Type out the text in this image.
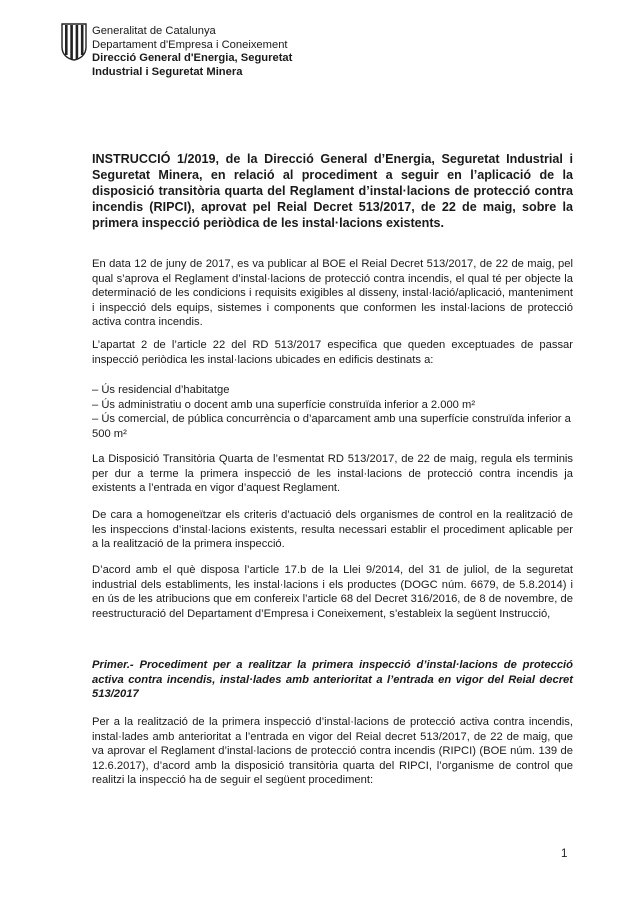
Generalitat de Catalunya
Departament d'Empresa i Coneixement
Direcció General d'Energia, Seguretat
Industrial i Seguretat Minera

INSTRUCCIÓ 1/2019, de la Direcció General d’Energia, Seguretat Industrial i Seguretat Minera, en relació al procediment a seguir en l’aplicació de la disposició transitòria quarta del Reglament d’instal·lacions de protecció contra incendis (RIPCI), aprovat pel Reial Decret 513/2017, de 22 de maig, sobre la primera inspecció periòdica de les instal·lacions existents.

En data 12 de juny de 2017, es va publicar al BOE el Reial Decret 513/2017, de 22 de maig, pel qual s’aprova el Reglament d’instal·lacions de protecció contra incendis, el qual té per objecte la determinació de les condicions i requisits exigibles al disseny, instal·lació/aplicació, manteniment i inspecció dels equips, sistemes i components que conformen les instal·lacions de protecció activa contra incendis.

L’apartat 2 de l’article 22 del RD 513/2017 especifica que queden exceptuades de passar inspecció periòdica les instal·lacions ubicades en edificis destinats a:

– Ús residencial d’habitatge

– Ús administratiu o docent amb una superfície construïda inferior a 2.000 m²

– Ús comercial, de pública concurrència o d’aparcament amb una superfície construïda inferior a 500 m²

La Disposició Transitòria Quarta de l’esmentat RD 513/2017, de 22 de maig, regula els terminis per dur a terme la primera inspecció de les instal·lacions de protecció contra incendis ja existents a l’entrada en vigor d’aquest Reglament.

De cara a homogeneïtzar els criteris d’actuació dels organismes de control en la realització de les inspeccions d’instal·lacions existents, resulta necessari establir el procediment aplicable per a la realització de la primera inspecció.

D’acord amb el què disposa l’article 17.b de la Llei 9/2014, del 31 de juliol, de la seguretat industrial dels establiments, les instal·lacions i els productes (DOGC núm. 6679, de 5.8.2014) i en ús de les atribucions que em confereix l’article 68 del Decret 316/2016, de 8 de novembre, de reestructuració del Departament d’Empresa i Coneixement, s’estableix la següent Instrucció,

Primer.- Procediment per a realitzar la primera inspecció d’instal·lacions de protecció activa contra incendis, instal·lades amb anterioritat a l’entrada en vigor del Reial decret 513/2017

Per a la realització de la primera inspecció d’instal·lacions de protecció activa contra incendis, instal·lades amb anterioritat a l’entrada en vigor del Reial decret 513/2017, de 22 de maig, que va aprovar el Reglament d’instal·lacions de protecció contra incendis (RIPCI) (BOE núm. 139 de 12.6.2017), d’acord amb la disposició transitòria quarta del RIPCI, l’organisme de control que realitzi la inspecció ha de seguir el següent procediment:

1
